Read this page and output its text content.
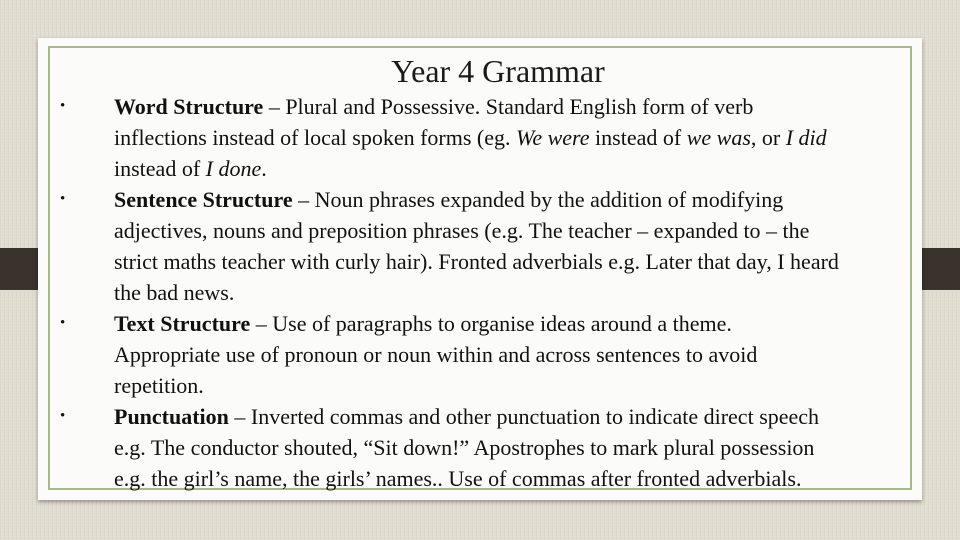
Year 4 Grammar
•	Word Structure – Plural and Possessive. Standard English form of verb inflections instead of local spoken forms (eg. We were instead of we was, or I did instead of I done.
•	Sentence Structure – Noun phrases expanded by the addition of modifying adjectives, nouns and preposition phrases (e.g. The teacher – expanded to – the strict maths teacher with curly hair). Fronted adverbials e.g. Later that day, I heard the bad news.
•	Text Structure – Use of paragraphs to organise ideas around a theme. Appropriate use of pronoun or noun within and across sentences to avoid repetition.
•	Punctuation – Inverted commas and other punctuation to indicate direct speech e.g. The conductor shouted, “Sit down!” Apostrophes to mark plural possession e.g. the girl’s name, the girls’ names.. Use of commas after fronted adverbials.
